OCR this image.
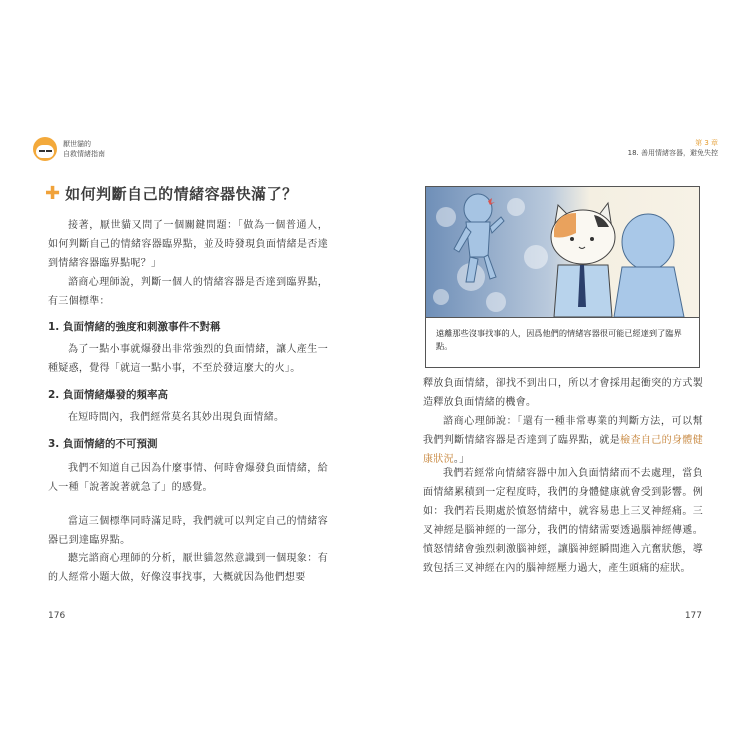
厭世貓的
自救情緒指南
✚ 如何判斷自己的情緒容器快滿了？

接著，厭世貓又問了一個關鍵問題：「做為一個普通人，如何判斷自己的情緒容器臨界點，並及時發現負面情緒是否達到情緒容器臨界點呢？」

諮商心理師說，判斷一個人的情緒容器是否達到臨界點，有三個標準：

1. 負面情緒的強度和刺激事件不對稱

為了一點小事就爆發出非常強烈的負面情緒，讓人產生一種疑惑，覺得「就這一點小事，不至於發這麼大的火」。

2. 負面情緒爆發的頻率高

在短時間內，我們經常莫名其妙出現負面情緒。

3. 負面情緒的不可預測

我們不知道自己因為什麼事情、何時會爆發負面情緒，給人一種「說著說著就急了」的感覺。

當這三個標準同時滿足時，我們就可以判定自己的情緒容器已到達臨界點。

聽完諮商心理師的分析，厭世貓忽然意識到一個現象：有的人經常小題大做，好像沒事找事，大概就因為他們想要

176
第 3 章
18. 善用情緒容器，避免失控

釋放負面情緒，卻找不到出口，所以才會採用起衝突的方式製造釋放負面情緒的機會。

諮商心理師說：「還有一種非常專業的判斷方法，可以幫我們判斷情緒容器是否達到了臨界點，就是檢查自己的身體健康狀況。」

我們若經常向情緒容器中加入負面情緒而不去處理，當負面情緒累積到一定程度時，我們的身體健康就會受到影響。例如：我們若長期處於憤怒情緒中，就容易患上三叉神經痛。三叉神經是腦神經的一部分，我們的情緒需要透過腦神經傳遞。憤怒情緒會強烈刺激腦神經，讓腦神經瞬間進入亢奮狀態，導致包括三叉神經在內的腦神經壓力過大，產生頭痛的症狀。

177
遠離那些沒事找事的人，因爲他們的情緒容器很可能已經達到了臨界點。
